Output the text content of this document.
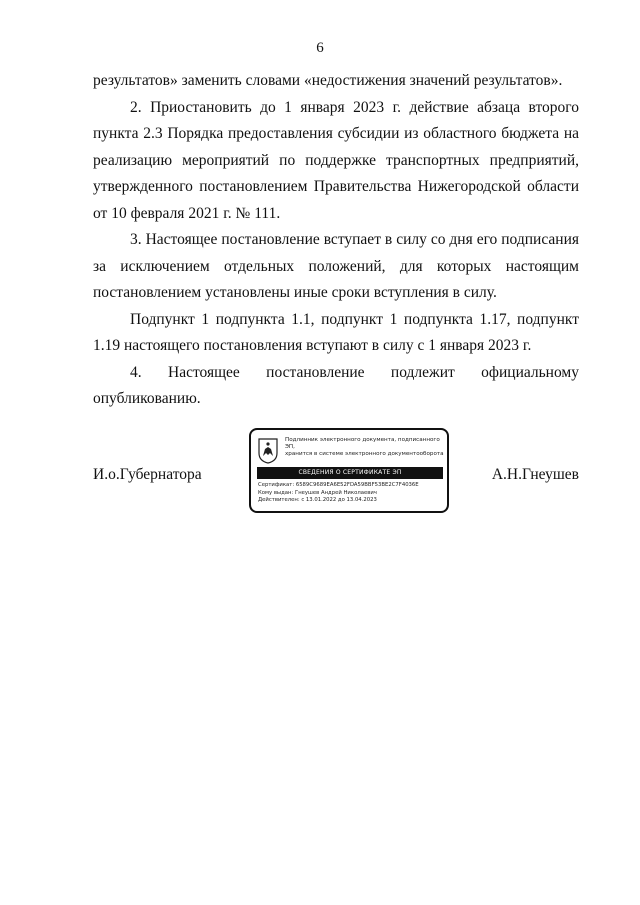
6

результатов» заменить словами «недостижения значений результатов».

2. Приостановить до 1 января 2023 г. действие абзаца второго пункта 2.3 Порядка предоставления субсидии из областного бюджета на реализацию мероприятий по поддержке транспортных предприятий, утвержденного постановлением Правительства Нижегородской области от 10 февраля 2021 г. № 111.

3. Настоящее постановление вступает в силу со дня его подписания за исключением отдельных положений, для которых настоящим постановлением установлены иные сроки вступления в силу.

Подпункт 1 подпункта 1.1, подпункт 1 подпункта 1.17, подпункт 1.19 настоящего постановления вступают в силу с 1 января 2023 г.

4. Настоящее постановление подлежит официальному опубликованию.

И.о.Губернатора
Подлинник электронного документа, подписанного ЭП,
хранится в системе электронного документооборота
СВЕДЕНИЯ О СЕРТИФИКАТЕ ЭП
Сертификат: 6589C9689EA6E52FDA59BBF53BE2C7F4036E
Кому выдан: Гнеушев Андрей Николаевич
Действителен: с 13.01.2022 до 13.04.2023
А.Н.Гнеушев
